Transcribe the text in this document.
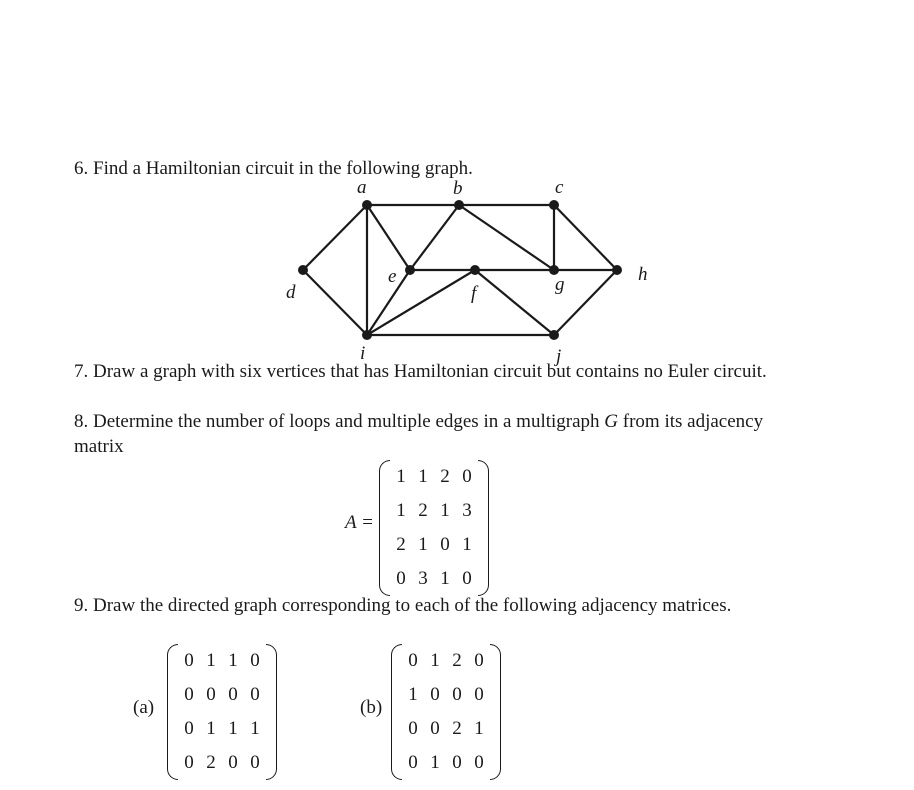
6. Find a Hamiltonian circuit in the following graph.
a	b	c
d
e
f	g	h
i	j
7. Draw a graph with six vertices that has Hamiltonian circuit but contains no Euler circuit.
8. Determine the number of loops and multiple edges in a multigraph G from its adjacency
matrix
A =
1	1	2	0
1	2	1	3
2	1	0	1
0	3	1	0
9. Draw the directed graph corresponding to each of the following adjacency matrices.
(a)
0	1	1	0
0	0	0	0
0	1	1	1
0	2	0	0
(b)
0	1	2	0
1	0	0	0
0	0	2	1
0	1	0	0
